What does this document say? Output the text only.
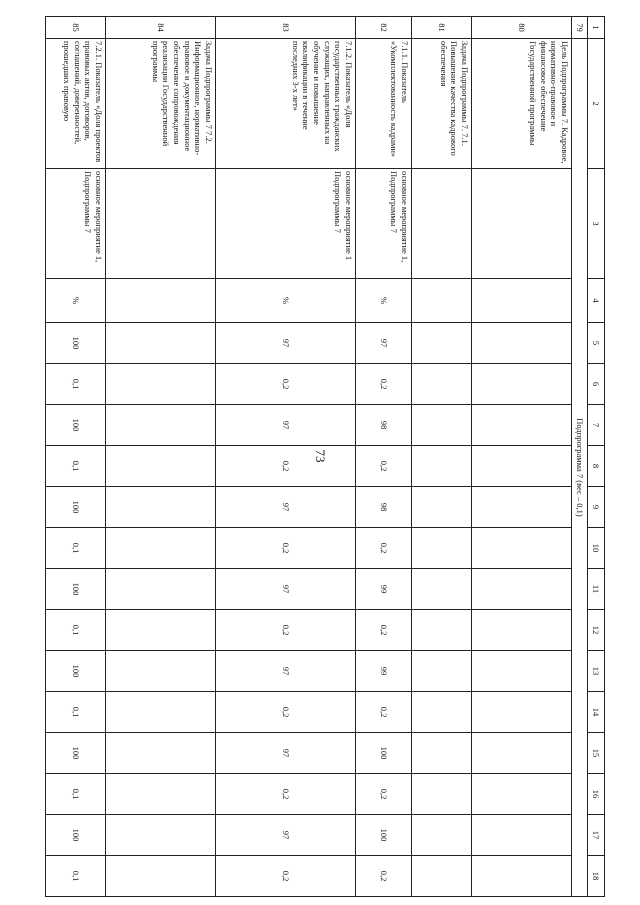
73
1	2	3	4	5	6	7	8	9	10	11	12	13	14	15	16	17	18
79	Подпрограмма 7 (вес – 0,1)																
80	Цель Подпрограммы 7. Кадровое, нормативно-правовое и финансовое обеспечение Государственной программы																
81	Задача Подпрограммы 7. 7.1. Повышение качества кадрового обеспечения																
82	7.1.1. Показатель «Укомплектованность кадрами»	основное мероприятие 1, Подпрограммы 7	%	97	0,2	98	0,2	98	0,2	99	0,2	99	0,2	100	0,2	100	0,2
83	7.1.2. Показатель «Доля государственных гражданских служащих, направленных на обучение и повышение квалификации в течение последних 3-х лет»	основное мероприятие 1 Подпрограммы 7	%	97	0,2	97	0,2	97	0,2	97	0,2	97	0,2	97	0,2	97	0,2
84	Задача Подпрограммы 7 7.2. Информационное, нормативно-правовое и документационное обеспечение сопровождения реализации Государственной программы																
85	7.2.1. Показатель «Доля проектов правовых актов, договоров, соглашений, доверенностей, прошедших правовую	основное мероприятие 1, Подпрограммы 7	%	100	0,1	100	0,1	100	0,1	100	0,1	100	0,1	100	0,1	100	0,1
